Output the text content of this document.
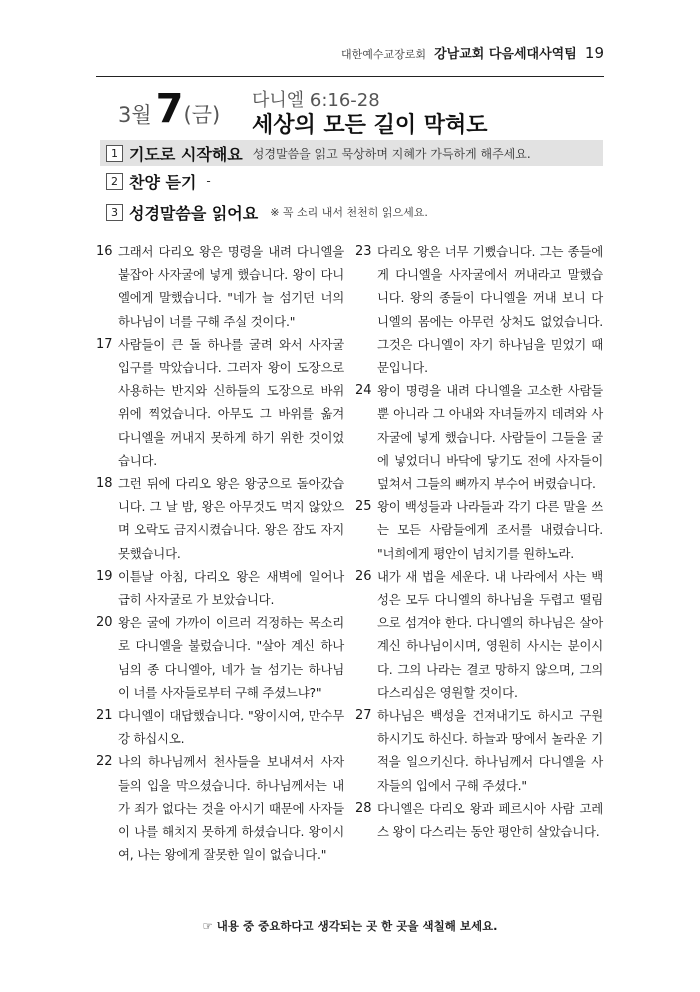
대한예수교장로회 강남교회 다음세대사역팀 19
3월 7(금)
다니엘 6:16-28
세상의 모든 길이 막혀도
1 기도로 시작해요 성경말씀을 읽고 묵상하며 지혜가 가득하게 해주세요.
2 찬양 듣기 -
3 성경말씀을 읽어요 ※ 꼭 소리 내서 천천히 읽으세요.
16 그래서 다리오 왕은 명령을 내려 다니엘을 붙잡아 사자굴에 넣게 했습니다. 왕이 다니엘에게 말했습니다. "네가 늘 섬기던 너의 하나님이 너를 구해 주실 것이다."
17 사람들이 큰 돌 하나를 굴려 와서 사자굴 입구를 막았습니다. 그러자 왕이 도장으로 사용하는 반지와 신하들의 도장으로 바위 위에 찍었습니다. 아무도 그 바위를 옮겨 다니엘을 꺼내지 못하게 하기 위한 것이었습니다.
18 그런 뒤에 다리오 왕은 왕궁으로 돌아갔습니다. 그 날 밤, 왕은 아무것도 먹지 않았으며 오락도 금지시켰습니다. 왕은 잠도 자지 못했습니다.
19 이튿날 아침, 다리오 왕은 새벽에 일어나 급히 사자굴로 가 보았습니다.
20 왕은 굴에 가까이 이르러 걱정하는 목소리로 다니엘을 불렀습니다. "살아 계신 하나님의 종 다니엘아, 네가 늘 섬기는 하나님이 너를 사자들로부터 구해 주셨느냐?"
21 다니엘이 대답했습니다. "왕이시여, 만수무강 하십시오.
22 나의 하나님께서 천사들을 보내셔서 사자들의 입을 막으셨습니다. 하나님께서는 내가 죄가 없다는 것을 아시기 때문에 사자들이 나를 해치지 못하게 하셨습니다. 왕이시여, 나는 왕에게 잘못한 일이 없습니다."
23 다리오 왕은 너무 기뻤습니다. 그는 종들에게 다니엘을 사자굴에서 꺼내라고 말했습니다. 왕의 종들이 다니엘을 꺼내 보니 다니엘의 몸에는 아무런 상처도 없었습니다. 그것은 다니엘이 자기 하나님을 믿었기 때문입니다.
24 왕이 명령을 내려 다니엘을 고소한 사람들뿐 아니라 그 아내와 자녀들까지 데려와 사자굴에 넣게 했습니다. 사람들이 그들을 굴에 넣었더니 바닥에 닿기도 전에 사자들이 덮쳐서 그들의 뼈까지 부수어 버렸습니다.
25 왕이 백성들과 나라들과 각기 다른 말을 쓰는 모든 사람들에게 조서를 내렸습니다. "너희에게 평안이 넘치기를 원하노라.
26 내가 새 법을 세운다. 내 나라에서 사는 백성은 모두 다니엘의 하나님을 두렵고 떨림으로 섬겨야 한다. 다니엘의 하나님은 살아 계신 하나님이시며, 영원히 사시는 분이시다. 그의 나라는 결코 망하지 않으며, 그의 다스리심은 영원할 것이다.
27 하나님은 백성을 건져내기도 하시고 구원하시기도 하신다. 하늘과 땅에서 놀라운 기적을 일으키신다. 하나님께서 다니엘을 사자들의 입에서 구해 주셨다."
28 다니엘은 다리오 왕과 페르시아 사람 고레스 왕이 다스리는 동안 평안히 살았습니다.
☞ 내용 중 중요하다고 생각되는 곳 한 곳을 색칠해 보세요.
